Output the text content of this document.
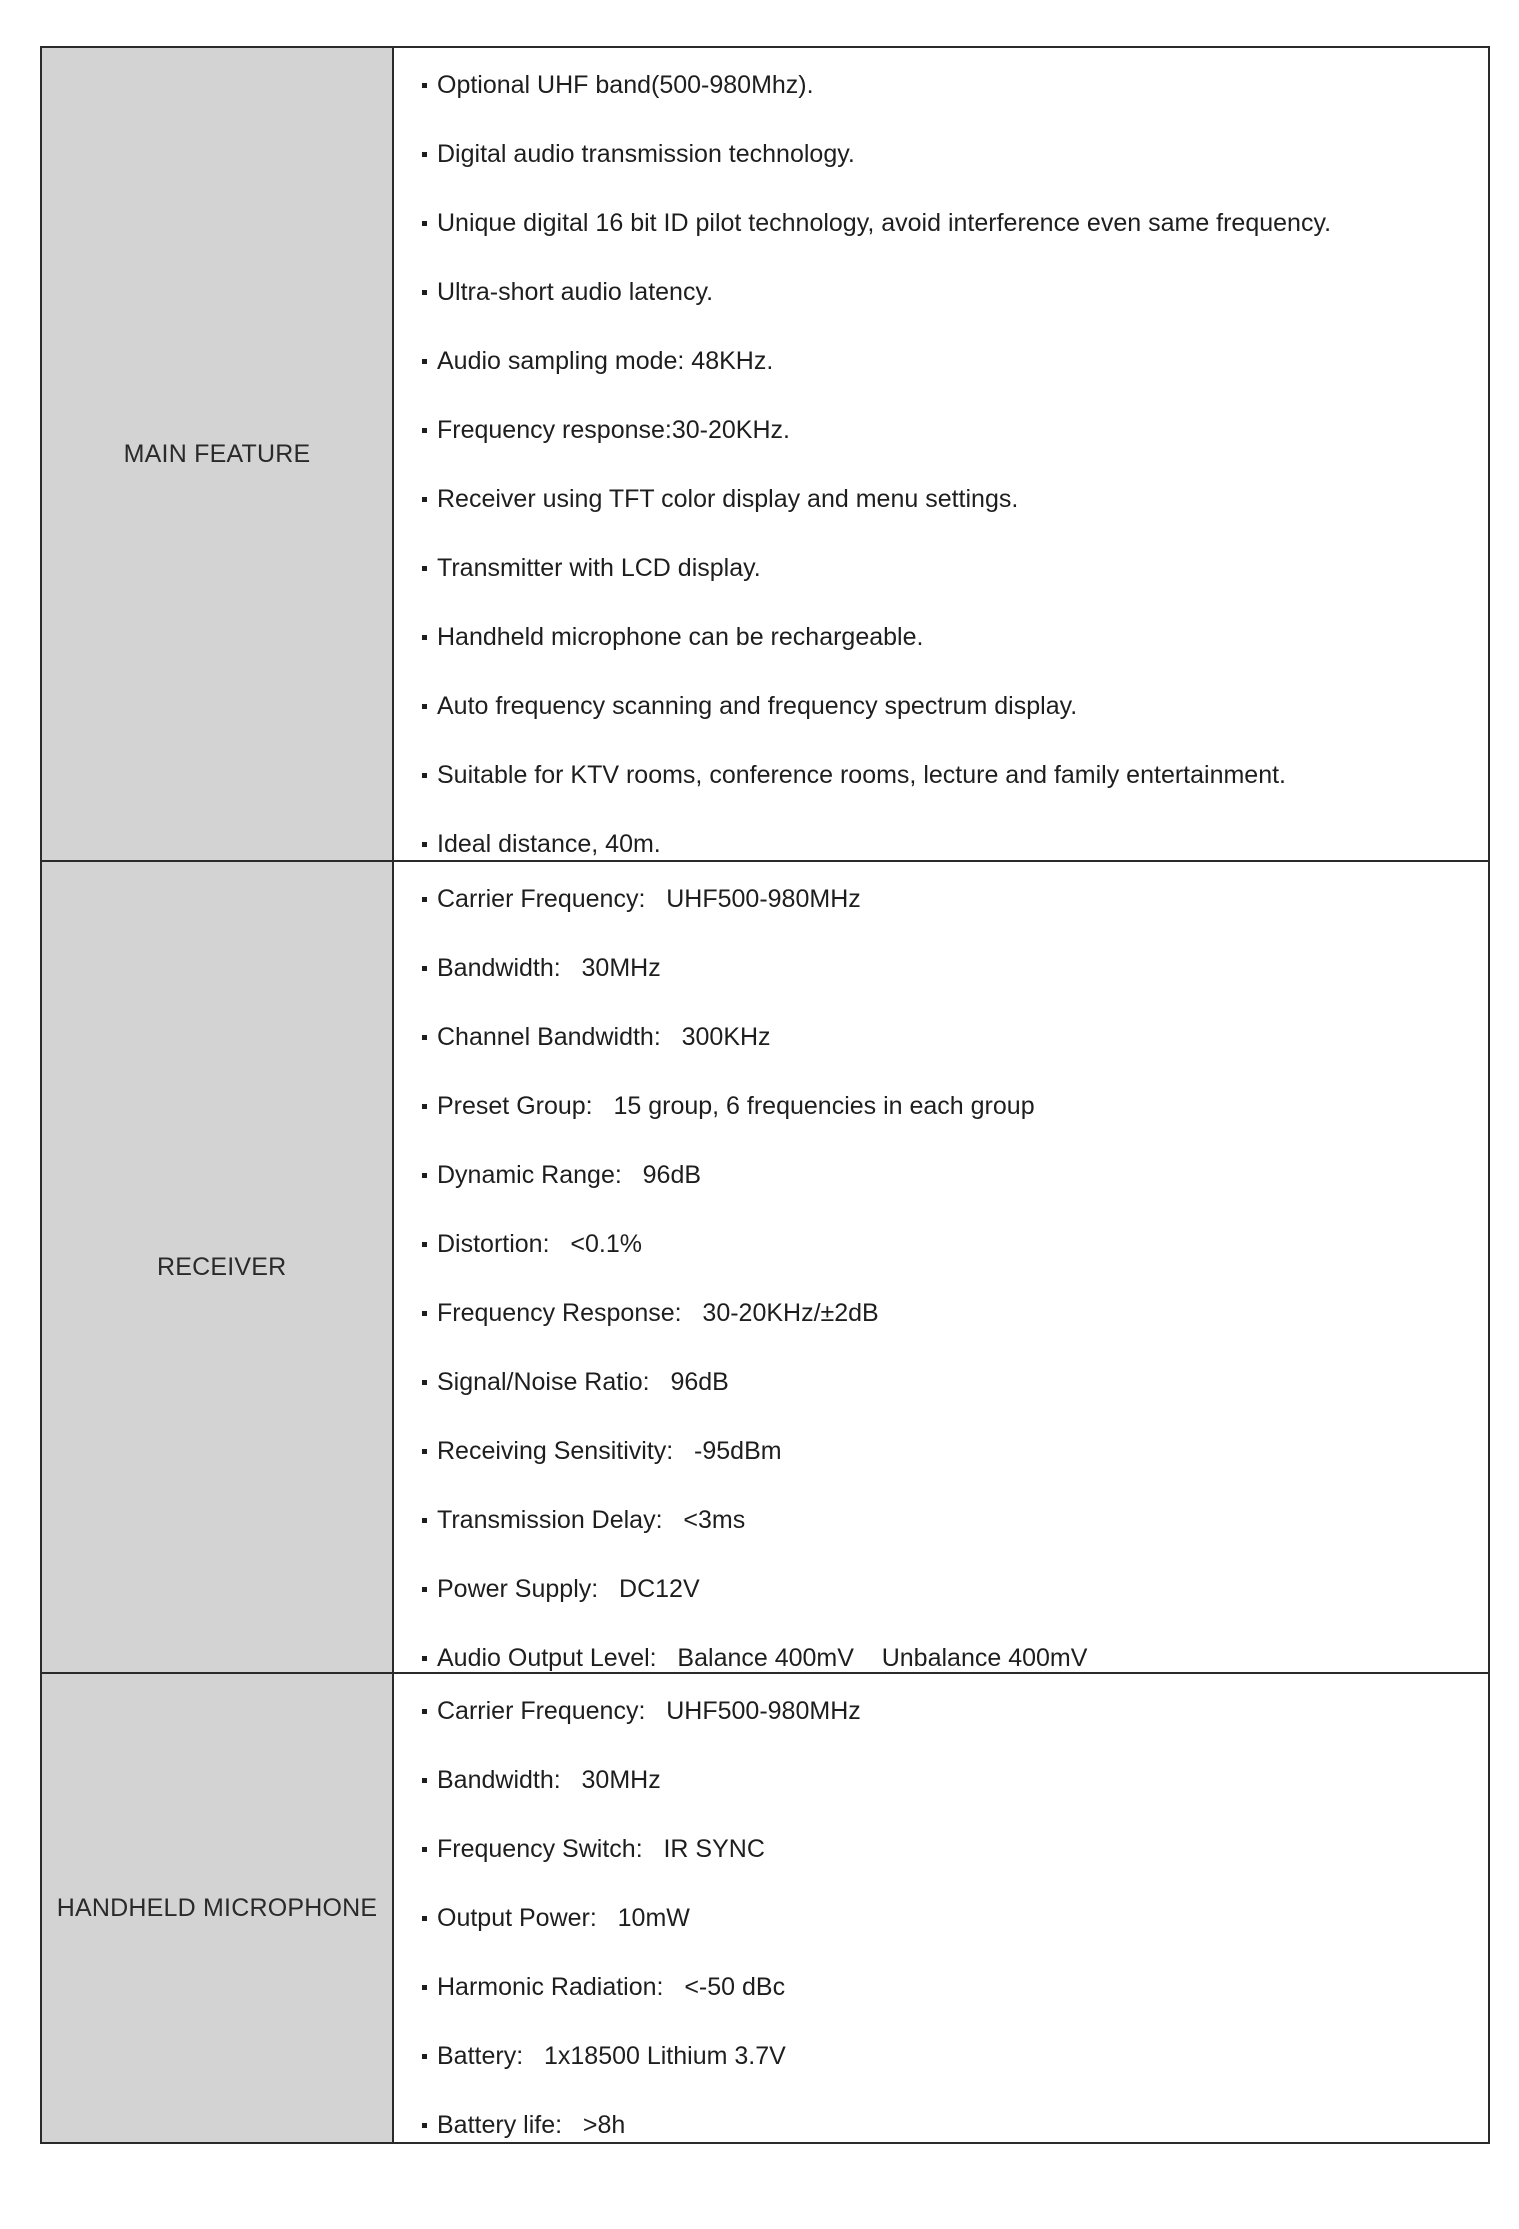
MAIN FEATURE
Optional UHF band(500-980Mhz).
Digital audio transmission technology.
Unique digital 16 bit ID pilot technology, avoid interference even same frequency.
Ultra-short audio latency.
Audio sampling mode: 48KHz.
Frequency response:30-20KHz.
Receiver using TFT color display and menu settings.
Transmitter with LCD display.
Handheld microphone can be rechargeable.
Auto frequency scanning and frequency spectrum display.
Suitable for KTV rooms, conference rooms, lecture and family entertainment.
Ideal distance, 40m.
RECEIVER
Carrier Frequency:   UHF500-980MHz
Bandwidth:   30MHz
Channel Bandwidth:   300KHz
Preset Group:   15 group, 6 frequencies in each group
Dynamic Range:   96dB
Distortion:   <0.1%
Frequency Response:   30-20KHz/±2dB
Signal/Noise Ratio:   96dB
Receiving Sensitivity:   -95dBm
Transmission Delay:   <3ms
Power Supply:   DC12V
Audio Output Level:   Balance 400mV    Unbalance 400mV
HANDHELD MICROPHONE
Carrier Frequency:   UHF500-980MHz
Bandwidth:   30MHz
Frequency Switch:   IR SYNC
Output Power:   10mW
Harmonic Radiation:   <-50 dBc
Battery:   1x18500 Lithium 3.7V
Battery life:   >8h
